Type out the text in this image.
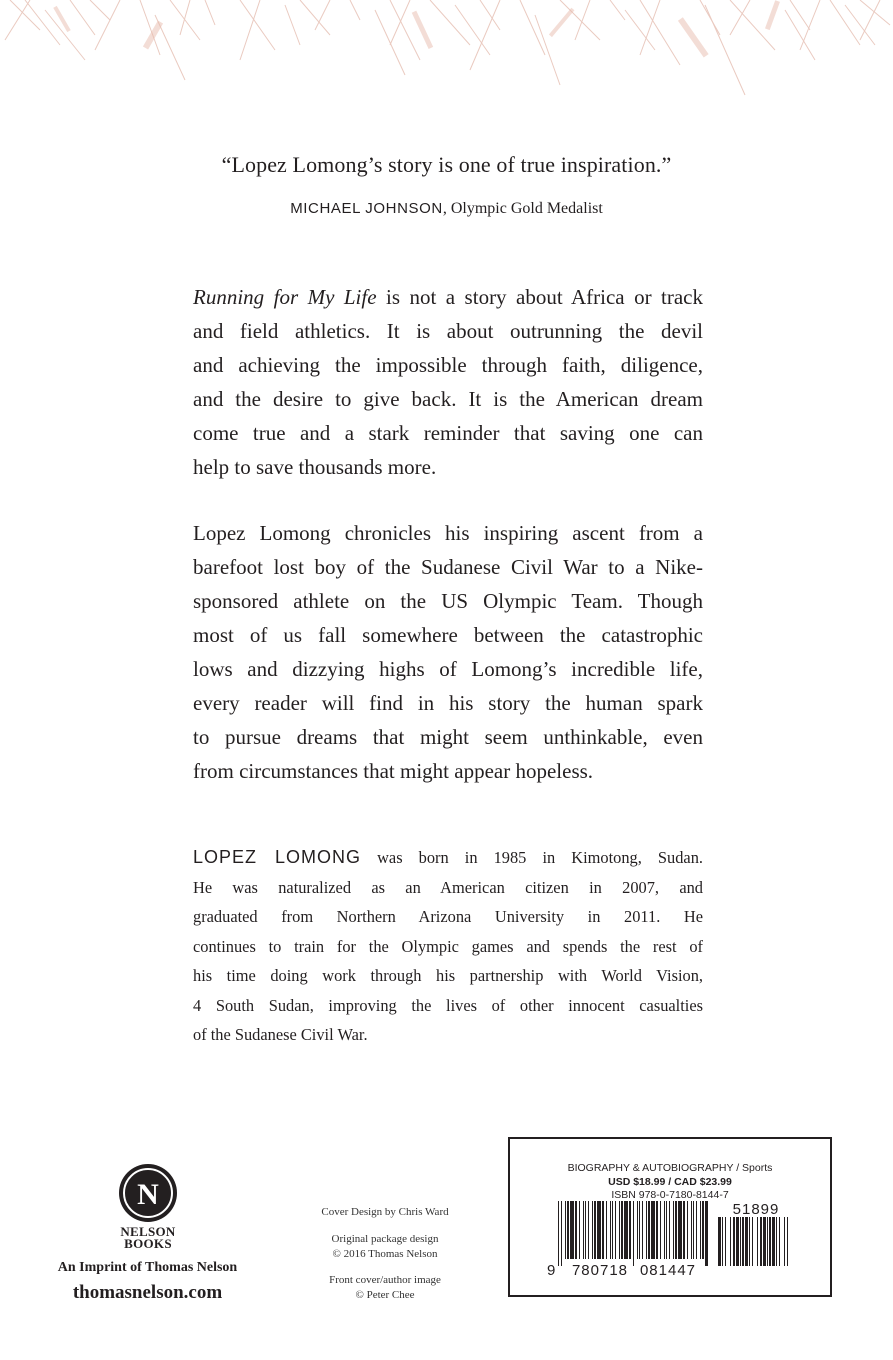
“Lopez Lomong’s story is one of true inspiration.”
MICHAEL JOHNSON, Olympic Gold Medalist
Running for My Life is not a story about Africa or track
and field athletics. It is about outrunning the devil
and achieving the impossible through faith, diligence,
and the desire to give back. It is the American dream
come true and a stark reminder that saving one can
help to save thousands more.
Lopez Lomong chronicles his inspiring ascent from a
barefoot lost boy of the Sudanese Civil War to a Nike-
sponsored athlete on the US Olympic Team. Though
most of us fall somewhere between the catastrophic
lows and dizzying highs of Lomong’s incredible life,
every reader will find in his story the human spark
to pursue dreams that might seem unthinkable, even
from circumstances that might appear hopeless.
LOPEZ LOMONG was born in 1985 in Kimotong, Sudan.
He was naturalized as an American citizen in 2007, and
graduated from Northern Arizona University in 2011. He
continues to train for the Olympic games and spends the rest of
his time doing work through his partnership with World Vision,
4 South Sudan, improving the lives of other innocent casualties
of the Sudanese Civil War.
N
NELSON
BOOKS
An Imprint of Thomas Nelson
thomasnelson.com
Cover Design by Chris Ward
Original package design
© 2016 Thomas Nelson
Front cover/author image
© Peter Chee
BIOGRAPHY & AUTOBIOGRAPHY / Sports
USD $18.99 / CAD $23.99
ISBN 978-0-7180-8144-7
9 780718 081447
51899
